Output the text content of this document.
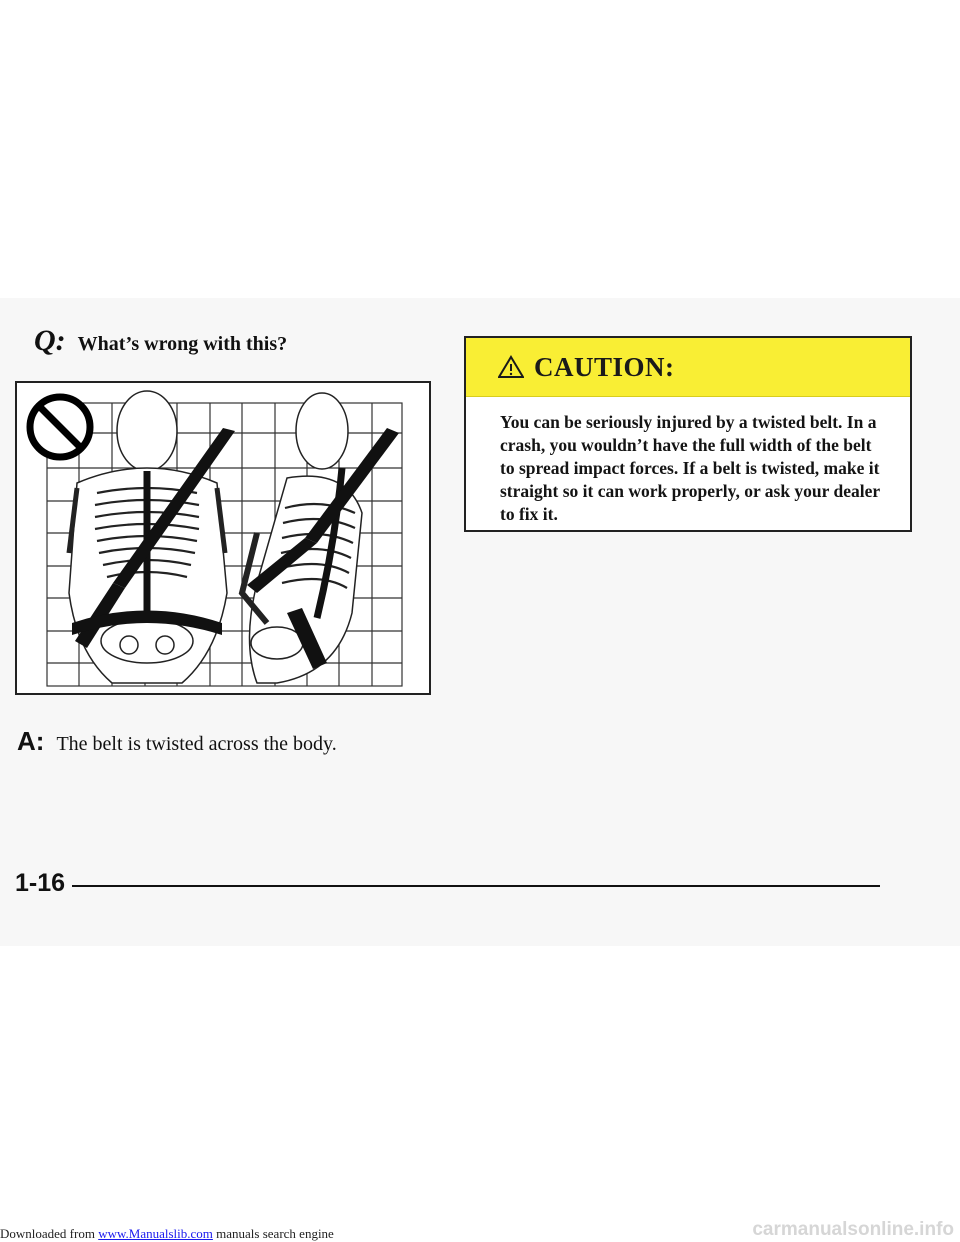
Q: What’s wrong with this?
A: The belt is twisted across the body.
CAUTION:
You can be seriously injured by a twisted belt. In a crash, you wouldn’t have the full width of the belt to spread impact forces. If a belt is twisted, make it straight so it can work properly, or ask your dealer to fix it.
1-16
Downloaded from www.Manualslib.com manuals search engine	carmanualsonline.info
